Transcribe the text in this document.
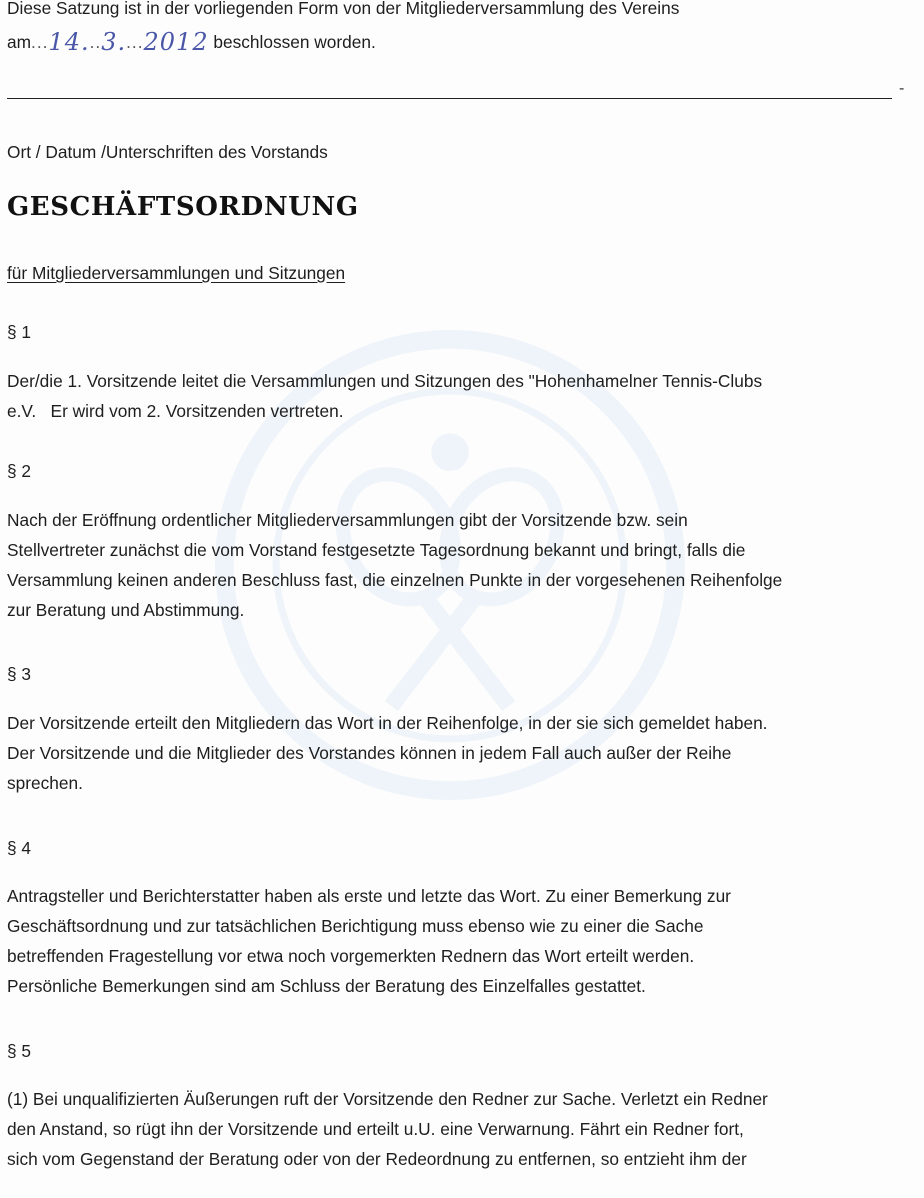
Diese Satzung ist in der vorliegenden Form von der Mitgliederversammlung des Vereins

am...14...3....2012 beschlossen worden.

-

Ort / Datum /Unterschriften des Vorstands

GESCHÄFTSORDNUNG

für Mitgliederversammlungen und Sitzungen

§ 1

Der/die 1. Vorsitzende leitet die Versammlungen und Sitzungen des "Hohenhamelner Tennis-Clubs
e.V.   Er wird vom 2. Vorsitzenden vertreten.

§ 2

Nach der Eröffnung ordentlicher Mitgliederversammlungen gibt der Vorsitzende bzw. sein
Stellvertreter zunächst die vom Vorstand festgesetzte Tagesordnung bekannt und bringt, falls die
Versammlung keinen anderen Beschluss fast, die einzelnen Punkte in der vorgesehenen Reihenfolge
zur Beratung und Abstimmung.

§ 3

Der Vorsitzende erteilt den Mitgliedern das Wort in der Reihenfolge, in der sie sich gemeldet haben.
Der Vorsitzende und die Mitglieder des Vorstandes können in jedem Fall auch außer der Reihe
sprechen.

§ 4

Antragsteller und Berichterstatter haben als erste und letzte das Wort. Zu einer Bemerkung zur
Geschäftsordnung und zur tatsächlichen Berichtigung muss ebenso wie zu einer die Sache
betreffenden Fragestellung vor etwa noch vorgemerkten Rednern das Wort erteilt werden.
Persönliche Bemerkungen sind am Schluss der Beratung des Einzelfalles gestattet.

§ 5

(1) Bei unqualifizierten Äußerungen ruft der Vorsitzende den Redner zur Sache. Verletzt ein Redner
den Anstand, so rügt ihn der Vorsitzende und erteilt u.U. eine Verwarnung. Fährt ein Redner fort,
sich vom Gegenstand der Beratung oder von der Redeordnung zu entfernen, so entzieht ihm der
